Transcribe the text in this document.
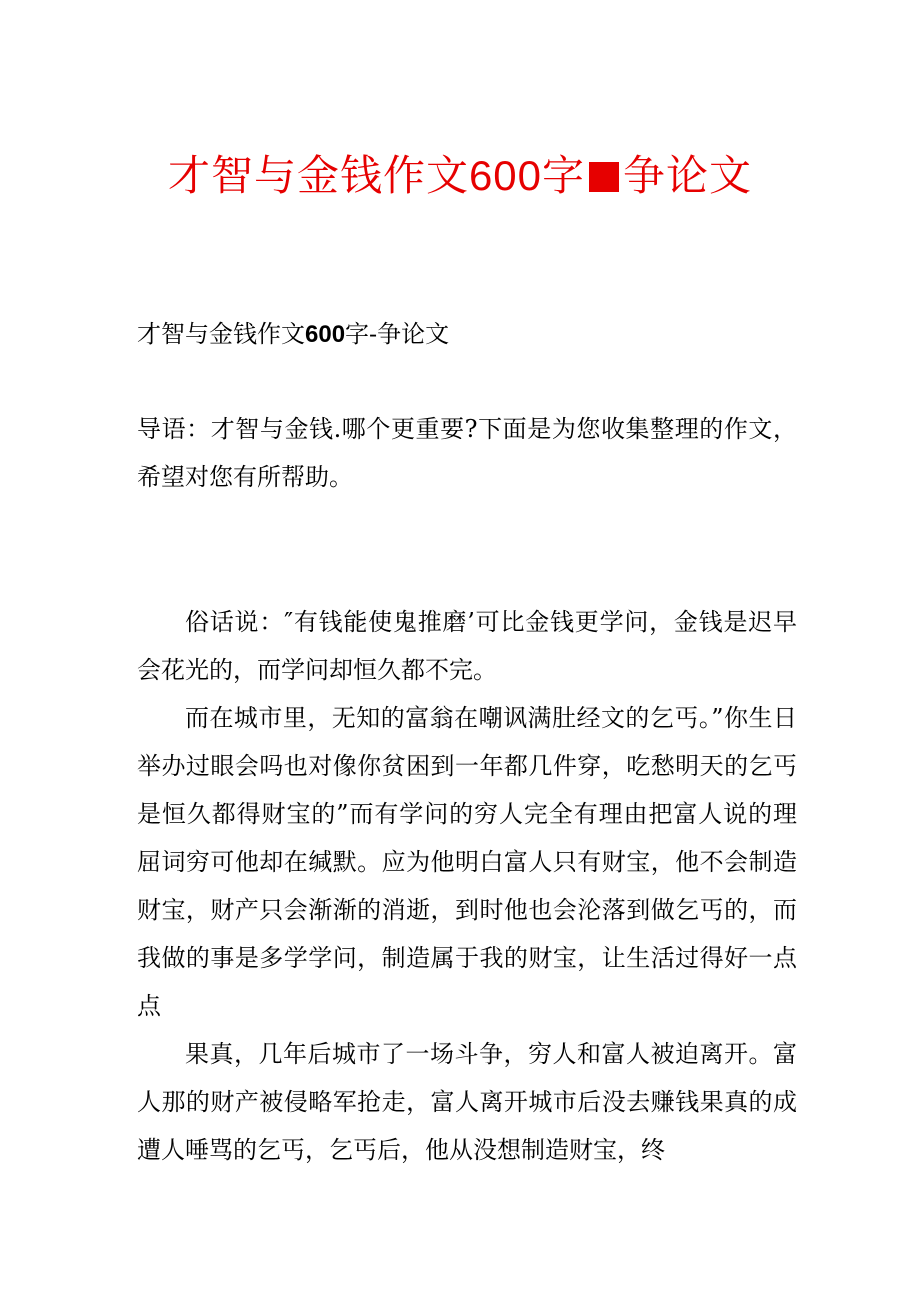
才智与金钱作文600字 争论文
才智与金钱作文600字-争论文

导语：才智与金钱.哪个更重要?下面是为您收集整理的作文，希望对您有所帮助。

俗话说：″有钱能使鬼推磨’可比金钱更学问，金钱是迟早会花光的，而学问却恒久都不完。

而在城市里，无知的富翁在嘲讽满肚经文的乞丐。”你生日举办过眼会吗也对像你贫困到一年都几件穿，吃愁明天的乞丐是恒久都得财宝的”而有学问的穷人完全有理由把富人说的理屈词穷可他却在缄默。应为他明白富人只有财宝，他不会制造财宝，财产只会渐渐的消逝，到时他也会沦落到做乞丐的，而我做的事是多学学问，制造属于我的财宝，让生活过得好一点点

果真，几年后城市了一场斗争，穷人和富人被迫离开。富人那的财产被侵略军抢走，富人离开城市后没去赚钱果真的成遭人唾骂的乞丐，乞丐后，他从没想制造财宝，终
